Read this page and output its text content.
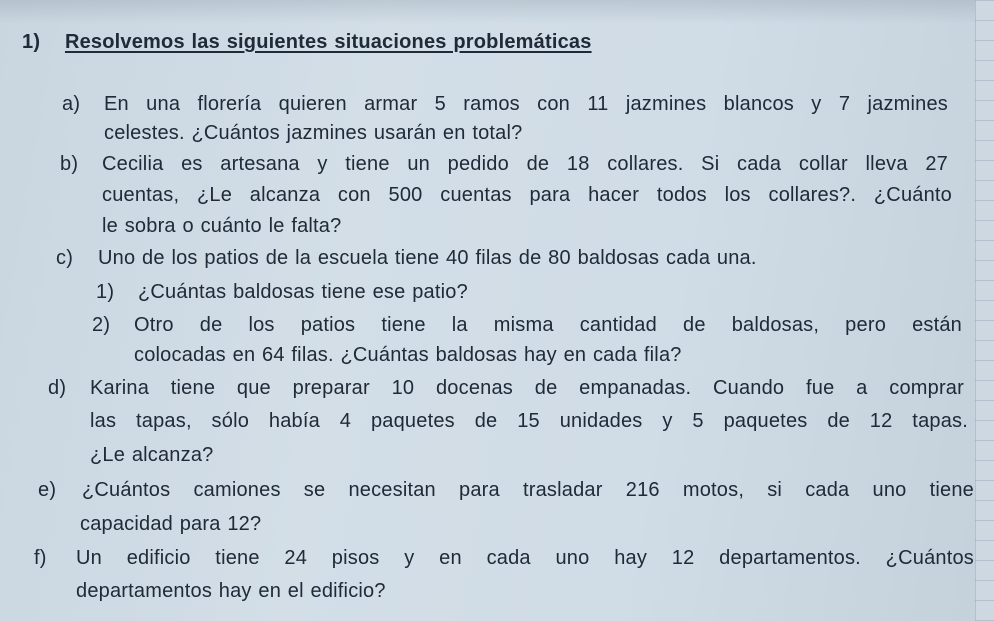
1) Resolvemos las siguientes situaciones problemáticas
a) En una florería quieren armar 5 ramos con 11 jazmines blancos y 7 jazmines
celestes. ¿Cuántos jazmines usarán en total?
b) Cecilia es artesana y tiene un pedido de 18 collares. Si cada collar lleva 27
cuentas, ¿Le alcanza con 500 cuentas para hacer todos los collares?. ¿Cuánto
le sobra o cuánto le falta?
c) Uno de los patios de la escuela tiene 40 filas de 80 baldosas cada una.
1) ¿Cuántas baldosas tiene ese patio?
2) Otro de los patios tiene la misma cantidad de baldosas, pero están
colocadas en 64 filas. ¿Cuántas baldosas hay en cada fila?
d) Karina tiene que preparar 10 docenas de empanadas. Cuando fue a comprar
las tapas, sólo había 4 paquetes de 15 unidades y 5 paquetes de 12 tapas.
¿Le alcanza?
e) ¿Cuántos camiones se necesitan para trasladar 216 motos, si cada uno tiene
capacidad para 12?
f) Un edificio tiene 24 pisos y en cada uno hay 12 departamentos. ¿Cuántos
departamentos hay en el edificio?
